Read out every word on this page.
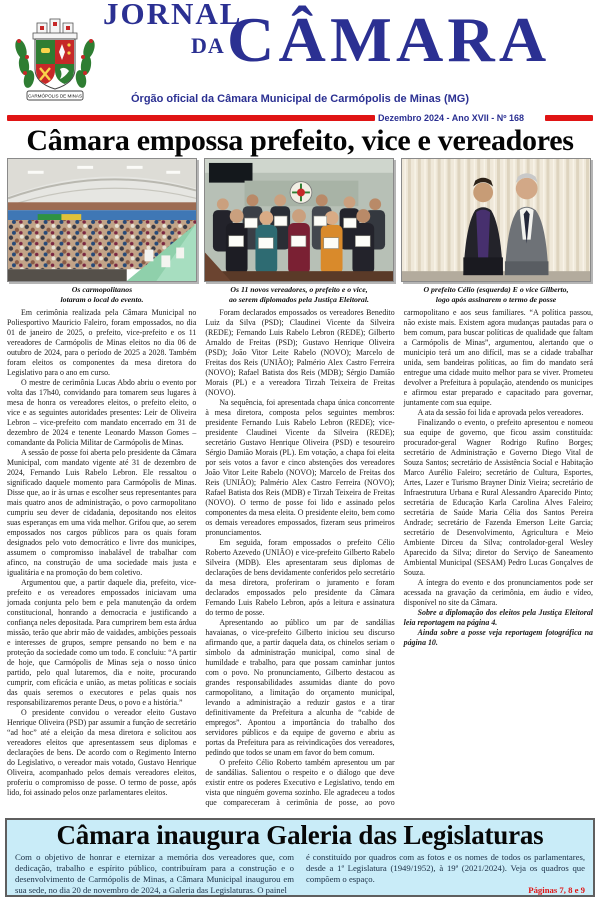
CARMÓPOLIS DE MINAS
JORNAL
DA CÂMARA
Órgão oficial da Câmara Municipal de Carmópolis de Minas (MG)
Dezembro 2024 - Ano XVII - Nº 168
Câmara empossa prefeito, vice e vereadores
Os carmopolitanos
lotaram o local do evento.
Os 11 novos vereadores, o prefeito e o vice,
ao serem diplomados pela Justiça Eleitoral.
O prefeito Célio (esquerda) E o vice Gilberto,
logo após assinarem o termo de posse

Em cerimônia realizada pela Câmara Municipal no Poliesportivo Mauricio Faleiro, foram empossados, no dia 01 de janeiro de 2025, o prefeito, vice-prefeito e os 11 vereadores de Carmópolis de Minas eleitos no dia 06 de outubro de 2024, para o período de 2025 a 2028. Também foram eleitos os componentes da mesa diretora do Legislativo para o ano em curso.

O mestre de cerimônia Lucas Abdo abriu o evento por volta das 17h40, convidando para tomarem seus lugares à mesa de honra os vereadores eleitos, o prefeito eleito, o vice e as seguintes autoridades presentes: Leir de Oliveira Lebron – vice-prefeito com mandato encerrado em 31 de dezembro de 2024 e tenente Leonardo Masson Gomes – comandante da Policia Militar de Carmópolis de Minas.

A sessão de posse foi aberta pelo presidente da Câmara Municipal, com mandato vigente até 31 de dezembro de 2024, Fernando Luis Rabelo Lebron. Ele ressaltou o significado daquele momento para Carmópolis de Minas. Disse que, ao ir às urnas e escolher seus representantes para mais quatro anos de administração, o povo carmopolitano cumpriu seu dever de cidadania, depositando nos eleitos suas esperanças em uma vida melhor. Grifou que, ao serem empossados nos cargos públicos para os quais foram designados pelo voto democrático e livre dos municipes, assumem o compromisso inabalável de trabalhar com afinco, na construção de uma sociedade mais justa e igualitária e na promoção do bem coletivo.

Argumentou que, a partir daquele dia, prefeito, vice-prefeito e os vereadores empossados iniciavam uma jornada conjunta pelo bem e pela manutenção da ordem constitucional, honrando a democracia e justificando a confiança neles depositada. Para cumprirem bem esta árdua missão, terão que abrir mão de vaidades, ambições pessoais e interesses de grupos, sempre pensando no bem e na proteção da sociedade como um todo. E concluiu: “A partir de hoje, que Carmópolis de Minas seja o nosso único partido, pelo qual lutaremos, dia e noite, procurando cumprir, com eficácia e união, as metas políticas e sociais das quais seremos o executores e pelas quais nos responsabilizaremos perante Deus, o povo e a história.”

O presidente convidou o vereador eleito Gustavo Henrique Oliveira (PSD) par assumir a função de secretário “ad hoc” até a eleição da mesa diretora e solicitou aos vereadores eleitos que apresentassem seus diplomas e declarações de bens. De acordo com o Regimento Interno do Legislativo, o vereador mais votado, Gustavo Henrique Oliveira, acompanhado pelos demais vereadores eleitos, proferiu o compromisso de posse. O termo de posse, após lido, foi assinado pelos onze parlamentares eleitos.

Foram declarados empossados os vereadores Benedito Luiz da Silva (PSD); Claudinei Vicente da Silveira (REDE); Fernando Luis Rabelo Lebron (REDE); Gilberto Arnaldo de Freitas (PSD); Gustavo Henrique Oliveira (PSD); João Vitor Leite Rabelo (NOVO); Marcelo de Freitas dos Reis (UNIÃO); Palmério Alex Castro Ferreira (NOVO); Rafael Batista dos Reis (MDB); Sérgio Damião Morais (PL) e a vereadora Tirzah Teixeira de Freitas (NOVO).

Na sequência, foi apresentada chapa única concorrente à mesa diretora, composta pelos seguintes membros: presidente Fernando Luis Rabelo Lebron (REDE); vice-presidente Claudinei Vicente da Silveira (REDE); secretário Gustavo Henrique Oliveira (PSD) e tesoureiro Sérgio Damião Morais (PL). Em votação, a chapa foi eleita por seis votos a favor e cinco abstenções dos vereadores João Vitor Leite Rabelo (NOVO); Marcelo de Freitas dos Reis (UNIÃO); Palmério Alex Castro Ferreira (NOVO); Rafael Batista dos Reis (MDB) e Tirzah Teixeira de Freitas (NOVO). O termo de posse foi lido e assinado pelos componentes da mesa eleita. O presidente eleito, bem como os demais vereadores empossados, fizeram seus primeiros pronunciamentos.

Em seguida, foram empossados o prefeito Célio Roberto Azevedo (UNIÃO) e vice-prefeito Gilberto Rabelo Silveira (MDB). Eles apresentaram seus diplomas de declarações de bens devidamente conferidos pelo secretário da mesa diretora, proferiram o juramento e foram declarados empossados pelo presidente da Câmara Fernando Luis Rabelo Lebron, após a leitura e assinatura do termo de posse.

Apresentando ao público um par de sandálias havaianas, o vice-prefeito Gilberto iniciou seu discurso afirmando que, a partir daquela data, os chinelos seriam o símbolo da administração municipal, como sinal de humildade e trabalho, para que possam caminhar juntos com o povo. No pronunciamento, Gilberto destacou as grandes responsabilidades assumidas diante do povo carmopolitano, a limitação do orçamento municipal, levando a administração a reduzir gastos e a tirar definitivamente da Prefeitura a alcunha de “cabide de empregos”. Apontou a importância do trabalho dos servidores públicos e da equipe de governo e abriu as portas da Prefeitura para as reivindicações dos vereadores, pedindo que todos se unam em favor do bem comum.

O prefeito Célio Roberto também apresentou um par de sandálias. Salientou o respeito e o diálogo que deve existir entre os poderes Executivo e Legislativo, tendo em vista que ninguém governa sozinho. Ele agradeceu a todos que compareceram à cerimônia de posse, ao povo carmopolitano e aos seus familiares. “A política passou, não existe mais. Existem agora mudanças pautadas para o bem comum, para buscar políticas de qualidade que faltam a Carmópolis de Minas”, argumentou, alertando que o municipio terá um ano difícil, mas se a cidade trabalhar unida, sem bandeiras políticas, ao fim do mandato será entregue uma cidade muito melhor para se viver. Prometeu devolver a Prefeitura à população, atendendo os municipes e afirmou estar preparado e capacitado para governar, juntamente com sua equipe.

A ata da sessão foi lida e aprovada pelos vereadores.

Finalizando o evento, o prefeito apresentou e nomeou sua equipe de governo, que ficou assim constituída: procurador-geral Wagner Rodrigo Rufino Borges; secretário de Administração e Governo Diego Vital de Souza Santos; secretário de Assistência Social e Habitação Marco Aurélio Faleiro; secretário de Cultura, Esportes, Artes, Lazer e Turismo Brayner Diniz Vieira; secretário de Infraestrutura Urbana e Rural Alessandro Aparecido Pinto; secretária de Educação Karla Carolina Alves Faleiro; secretária de Saúde Maria Célia dos Santos Pereira Andrade; secretário de Fazenda Emerson Leite Garcia; secretário de Desenvolvimento, Agricultura e Meio Ambiente Dirceu da Silva; controlador-geral Wesley Aparecido da Silva; diretor do Serviço de Saneamento Ambiental Municipal (SESAM) Pedro Lucas Gonçalves de Souza.

A íntegra do evento e dos pronunciamentos pode ser acessada na gravação da cerimônia, em áudio e vídeo, disponível no site da Câmara.

Sobre a diplomação dos eleitos pela Justiça Eleitoral leia reportagem na página 4.

Ainda sobre a posse veja reportagem fotográfica na página 10.

Câmara inaugura Galeria das Legislaturas
Com o objetivo de honrar e eternizar a memória dos vereadores que, com dedicação, trabalho e espírito público, contribuíram para a construção e o desenvolvimento de Carmópolis de Minas, a Câmara Municipal inaugurou em sua sede, no dia 20 de novembro de 2024, a Galeria das Legislaturas. O painel
é constituído por quadros com as fotos e os nomes de todos os parlamentares, desde a 1ª Legislatura (1949/1952), à 19ª (2021/2024). Veja os quadros que compõem o espaço.
Páginas 7, 8 e 9
